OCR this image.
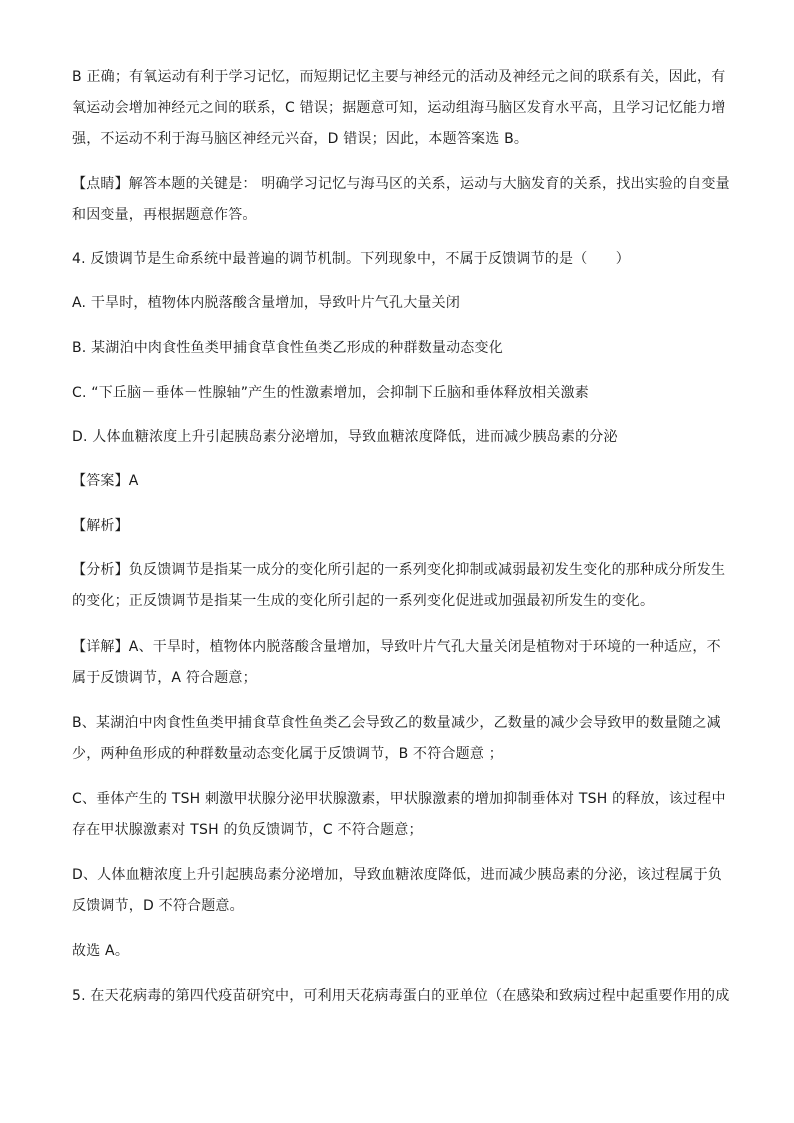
B 正确；有氧运动有利于学习记忆，而短期记忆主要与神经元的活动及神经元之间的联系有关，因此，有
氧运动会增加神经元之间的联系，C 错误；据题意可知，运动组海马脑区发育水平高，且学习记忆能力增
强，不运动不利于海马脑区神经元兴奋，D 错误；因此，本题答案选 B。

【点睛】解答本题的关键是： 明确学习记忆与海马区的关系，运动与大脑发育的关系，找出实验的自变量
和因变量，再根据题意作答。

4. 反馈调节是生命系统中最普遍的调节机制。下列现象中，不属于反馈调节的是（　　）

A. 干旱时，植物体内脱落酸含量增加，导致叶片气孔大量关闭

B. 某湖泊中肉食性鱼类甲捕食草食性鱼类乙形成的种群数量动态变化

C. “下丘脑－垂体－性腺轴”产生的性激素增加，会抑制下丘脑和垂体释放相关激素

D. 人体血糖浓度上升引起胰岛素分泌增加，导致血糖浓度降低，进而减少胰岛素的分泌

【答案】A

【解析】

【分析】负反馈调节是指某一成分的变化所引起的一系列变化抑制或减弱最初发生变化的那种成分所发生
的变化；正反馈调节是指某一生成的变化所引起的一系列变化促进或加强最初所发生的变化。

【详解】A、干旱时，植物体内脱落酸含量增加，导致叶片气孔大量关闭是植物对于环境的一种适应，不
属于反馈调节，A 符合题意；

B、某湖泊中肉食性鱼类甲捕食草食性鱼类乙会导致乙的数量减少，乙数量的减少会导致甲的数量随之减
少，两种鱼形成的种群数量动态变化属于反馈调节，B 不符合题意 ；

C、垂体产生的 TSH 刺激甲状腺分泌甲状腺激素，甲状腺激素的增加抑制垂体对 TSH 的释放，该过程中
存在甲状腺激素对 TSH 的负反馈调节，C 不符合题意；

D、人体血糖浓度上升引起胰岛素分泌增加，导致血糖浓度降低，进而减少胰岛素的分泌，该过程属于负
反馈调节，D 不符合题意。

故选 A。

5. 在天花病毒的第四代疫苗研究中，可利用天花病毒蛋白的亚单位（在感染和致病过程中起重要作用的成
